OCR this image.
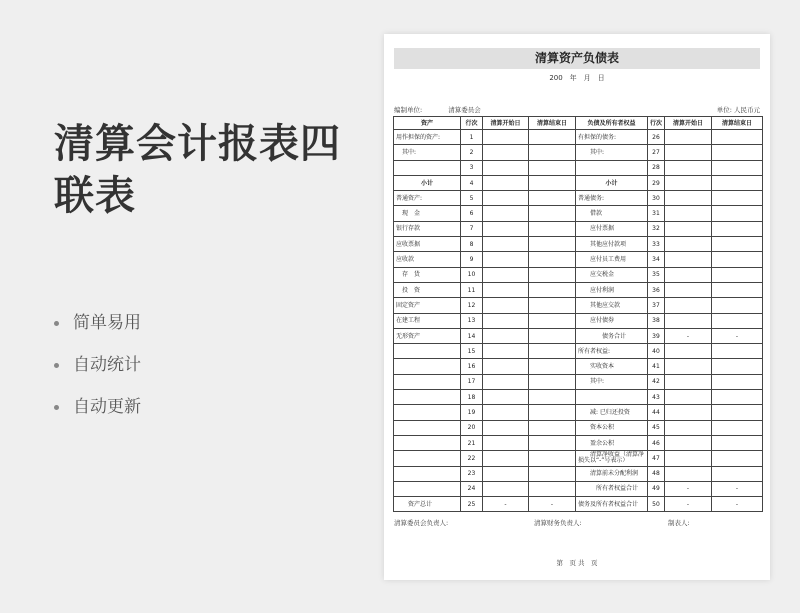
清算会计报表四联表
简单易用
自动统计
自动更新
清算资产负债表
200　年　月　日
编制单位:　　　　清算委员会	单位: 人民币元
资产	行次	清算开始日	清算结束日	负债及所有者权益	行次	清算开始日	清算结束日
用作担保的资产:	1			有担保的债务:	26		
　其中:	2			　　其中:	27		
	3				28		
小计	4			小计	29		
普通资产:	5			普通债务:	30		
　现　金	6			　　借款	31		
银行存款	7			　　应付票据	32		
应收票据	8			　　其他应付款项	33		
应收款	9			　　应付员工费用	34		
　存　货	10			　　应交税金	35		
　投　资	11			　　应付利润	36		
固定资产	12			　　其他应交款	37		
在建工程	13			　　应付债券	38		
无形资产	14			　　　　债务合计	39	-	-
	15			所有者权益:	40		
	16			　　实收资本	41		
	17			　　其中:	42		
	18				43		
	19			　　减: 已归还投资	44		
	20			　　资本公积	45		
	21			　　盈余公积	46		
	22			　　清算净收益（清算净损失以“-”号表示）	47		
	23			　　清算前未分配利润	48		
	24			　　　所有者权益合计	49	-	-
　　资产总计	25	-	-	债务及所有者权益合计	50	-	-
清算委员会负责人:	清算财务负责人:	制表人:
第　页 共　页
